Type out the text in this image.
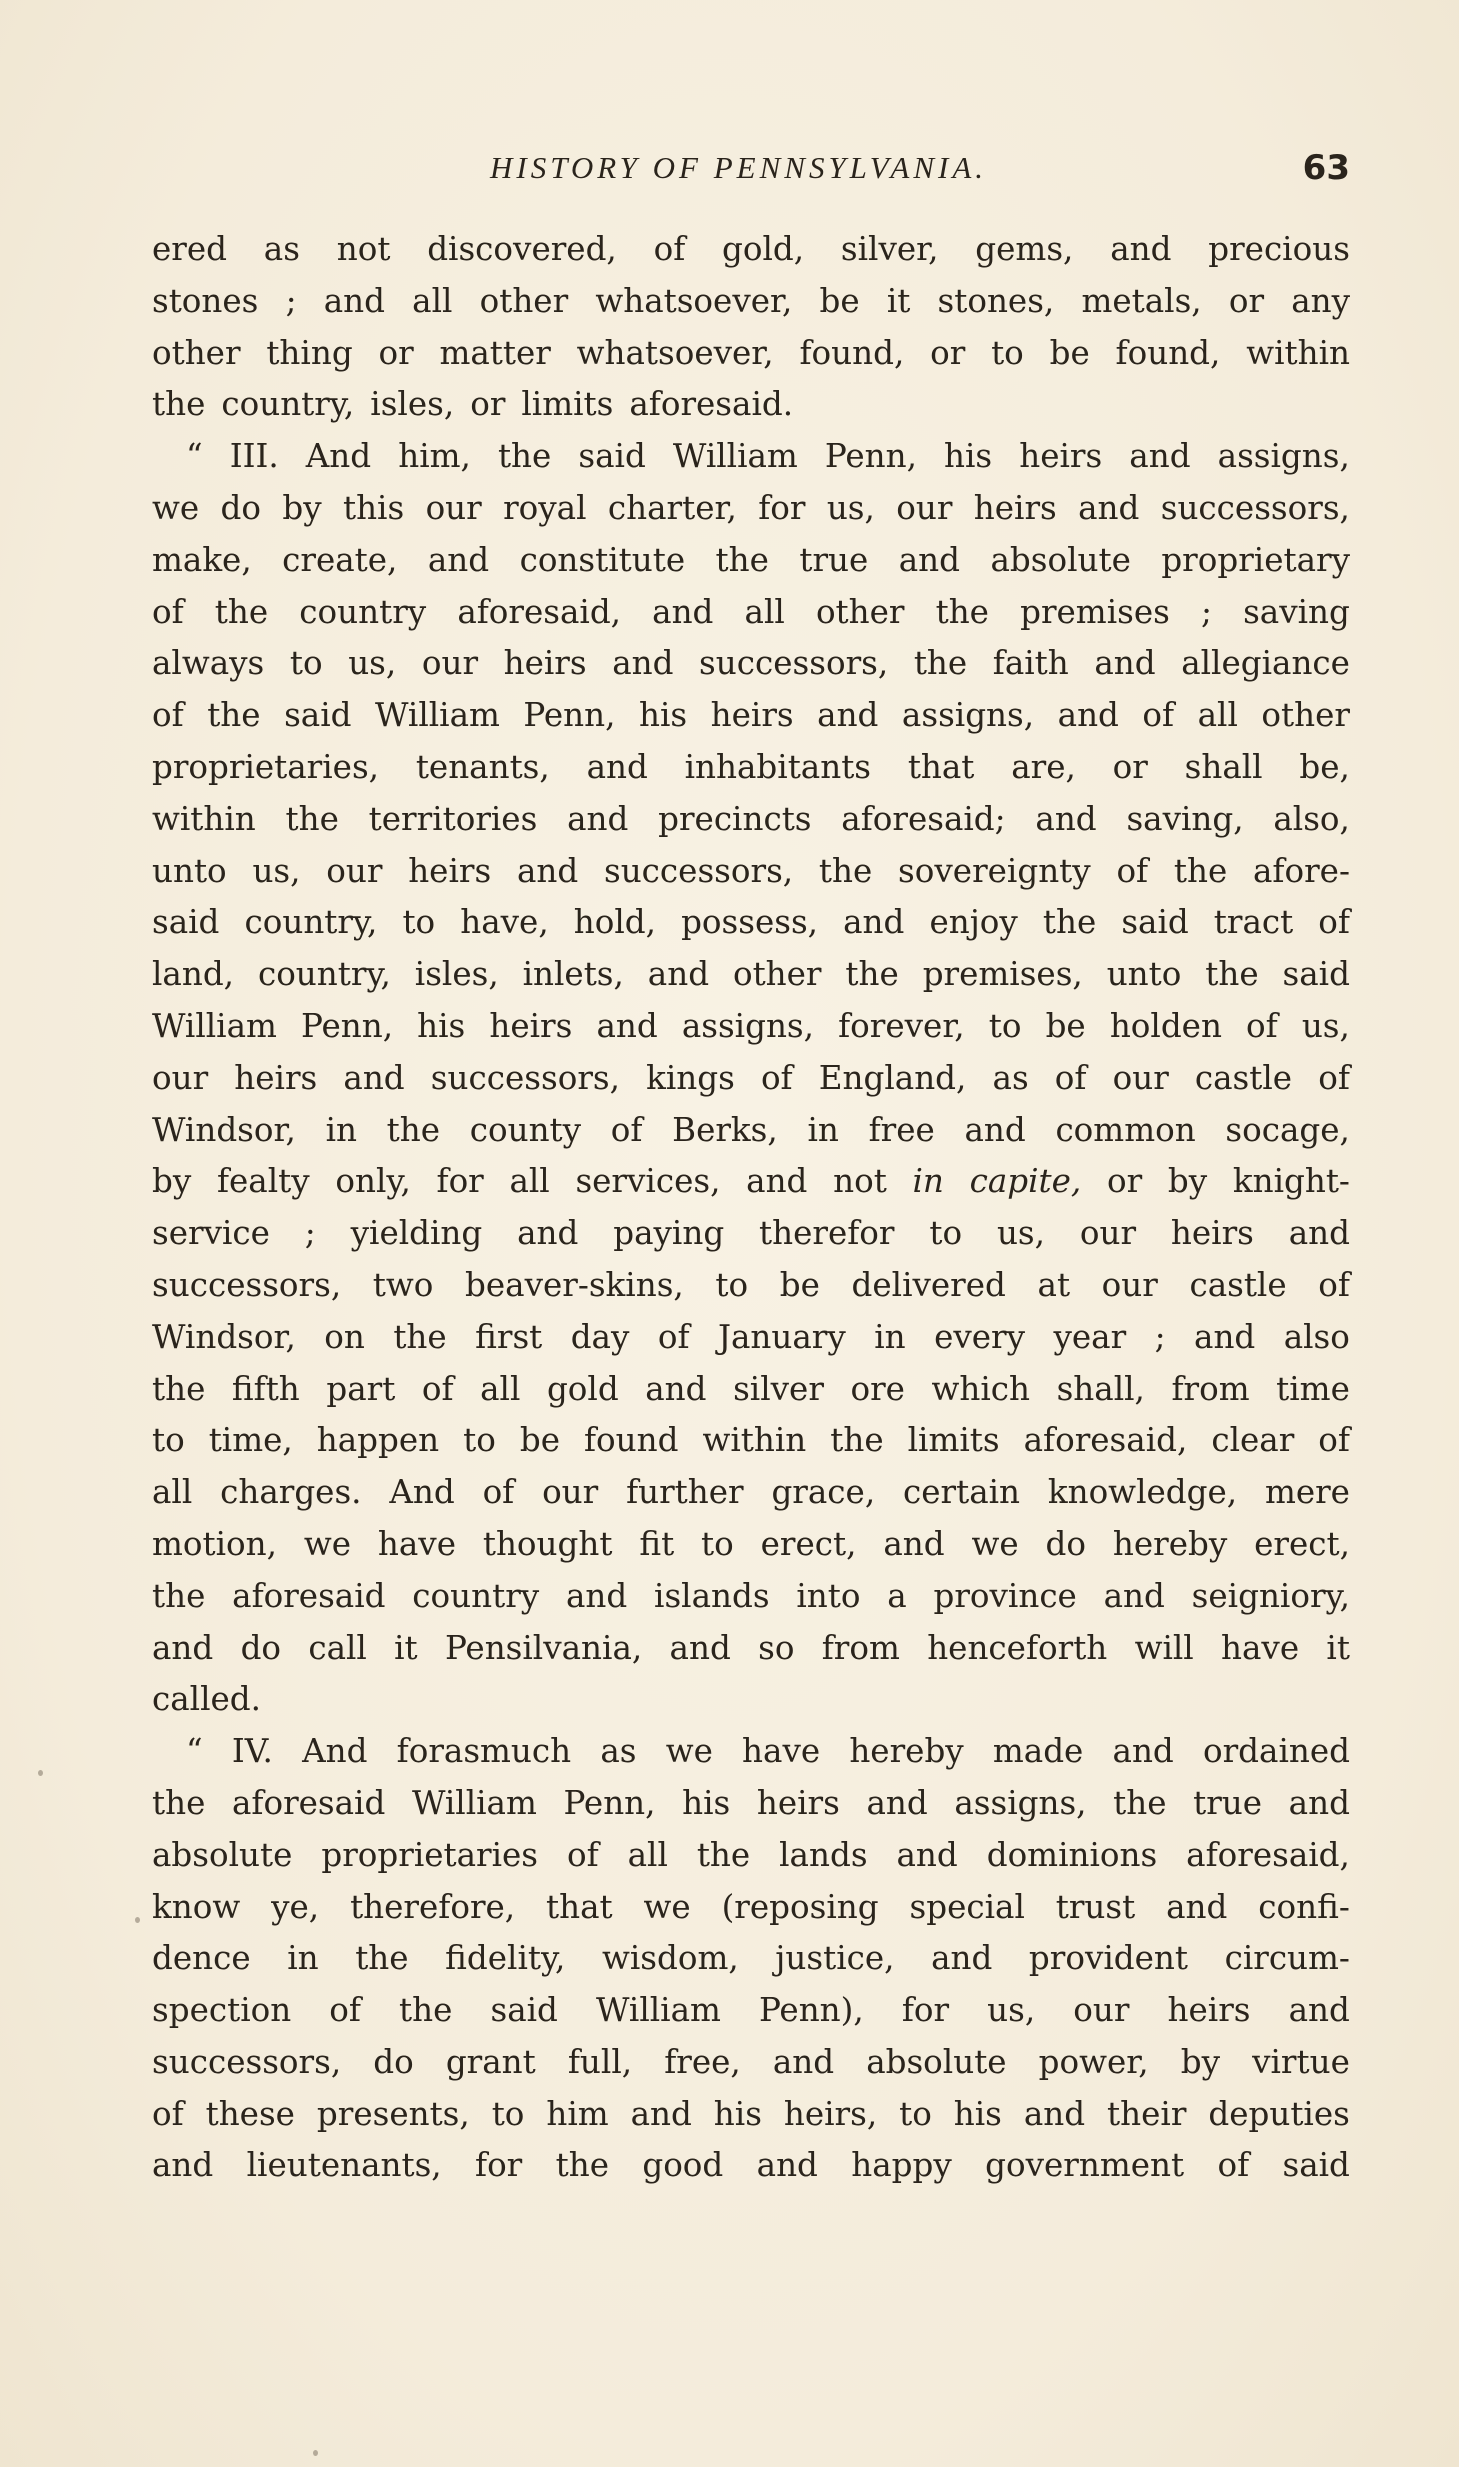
HISTORY OF PENNSYLVANIA.	63
ered as not discovered, of gold, silver, gems, and precious
stones ; and all other whatsoever, be it stones, metals, or any
other thing or matter whatsoever, found, or to be found, within
the country, isles, or limits aforesaid.
“ III. And him, the said William Penn, his heirs and assigns,
we do by this our royal charter, for us, our heirs and successors,
make, create, and constitute the true and absolute proprietary
of the country aforesaid, and all other the premises ; saving
always to us, our heirs and successors, the faith and allegiance
of the said William Penn, his heirs and assigns, and of all other
proprietaries, tenants, and inhabitants that are, or shall be,
within the territories and precincts aforesaid; and saving, also,
unto us, our heirs and successors, the sovereignty of the afore-
said country, to have, hold, possess, and enjoy the said tract of
land, country, isles, inlets, and other the premises, unto the said
William Penn, his heirs and assigns, forever, to be holden of us,
our heirs and successors, kings of England, as of our castle of
Windsor, in the county of Berks, in free and common socage,
by fealty only, for all services, and not in capite, or by knight-
service ; yielding and paying therefor to us, our heirs and
successors, two beaver-skins, to be delivered at our castle of
Windsor, on the first day of January in every year ; and also
the fifth part of all gold and silver ore which shall, from time
to time, happen to be found within the limits aforesaid, clear of
all charges. And of our further grace, certain knowledge, mere
motion, we have thought fit to erect, and we do hereby erect,
the aforesaid country and islands into a province and seigniory,
and do call it Pensilvania, and so from henceforth will have it
called.
“ IV. And forasmuch as we have hereby made and ordained
the aforesaid William Penn, his heirs and assigns, the true and
absolute proprietaries of all the lands and dominions aforesaid,
know ye, therefore, that we (reposing special trust and confi-
dence in the fidelity, wisdom, justice, and provident circum-
spection of the said William Penn), for us, our heirs and
successors, do grant full, free, and absolute power, by virtue
of these presents, to him and his heirs, to his and their deputies
and lieutenants, for the good and happy government of said
